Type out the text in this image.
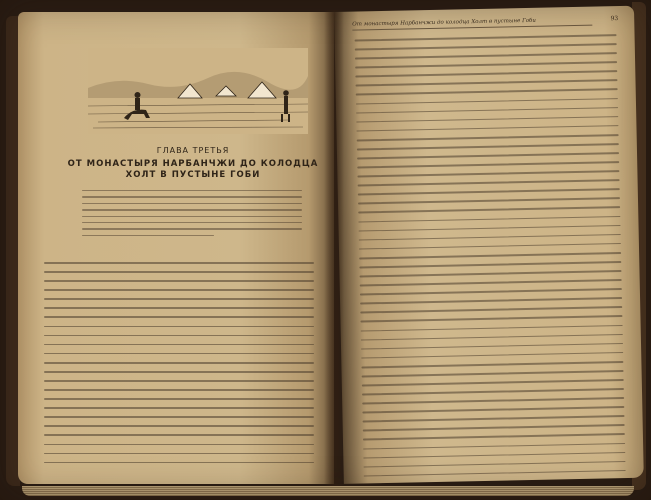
ГЛАВА ТРЕТЬЯ
ОТ МОНАСТЫРЯ НАРБАНЧЖИ ДО КОЛОДЦА
ХОЛТ В ПУСТЫНЕ ГОБИ
От монастыря Нарбанчжи до колодца Холт в пустыне Гоби	93
